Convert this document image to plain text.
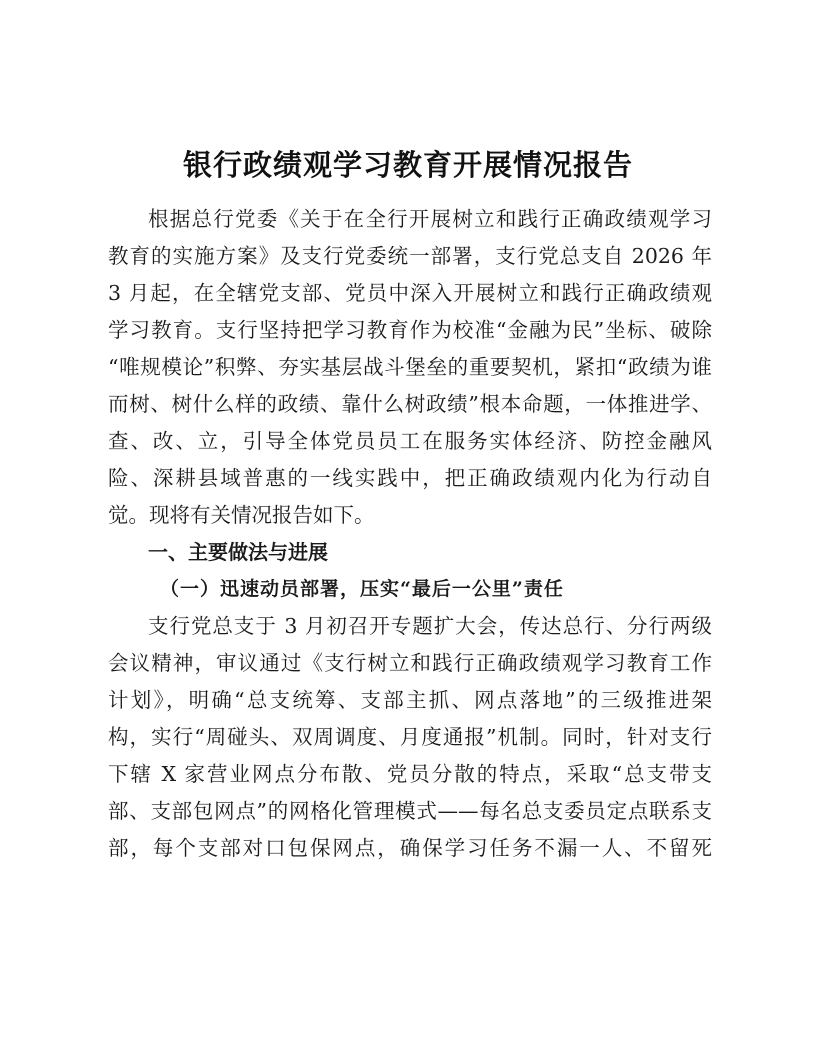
银行政绩观学习教育开展情况报告
根据总行党委《关于在全行开展树立和践行正确政绩观学习
教育的实施方案》及支行党委统一部署，支行党总支自 2026 年
3 月起，在全辖党支部、党员中深入开展树立和践行正确政绩观
学习教育。支行坚持把学习教育作为校准“金融为民”坐标、破除
“唯规模论”积弊、夯实基层战斗堡垒的重要契机，紧扣“政绩为谁
而树、树什么样的政绩、靠什么树政绩”根本命题，一体推进学、
查、改、立，引导全体党员员工在服务实体经济、防控金融风
险、深耕县域普惠的一线实践中，把正确政绩观内化为行动自
觉。现将有关情况报告如下。
一、主要做法与进展
（一）迅速动员部署，压实“最后一公里”责任
支行党总支于 3 月初召开专题扩大会，传达总行、分行两级
会议精神，审议通过《支行树立和践行正确政绩观学习教育工作
计划》，明确“总支统筹、支部主抓、网点落地”的三级推进架
构，实行“周碰头、双周调度、月度通报”机制。同时，针对支行
下辖 X 家营业网点分布散、党员分散的特点，采取“总支带支
部、支部包网点”的网格化管理模式——每名总支委员定点联系支
部，每个支部对口包保网点，确保学习任务不漏一人、不留死
